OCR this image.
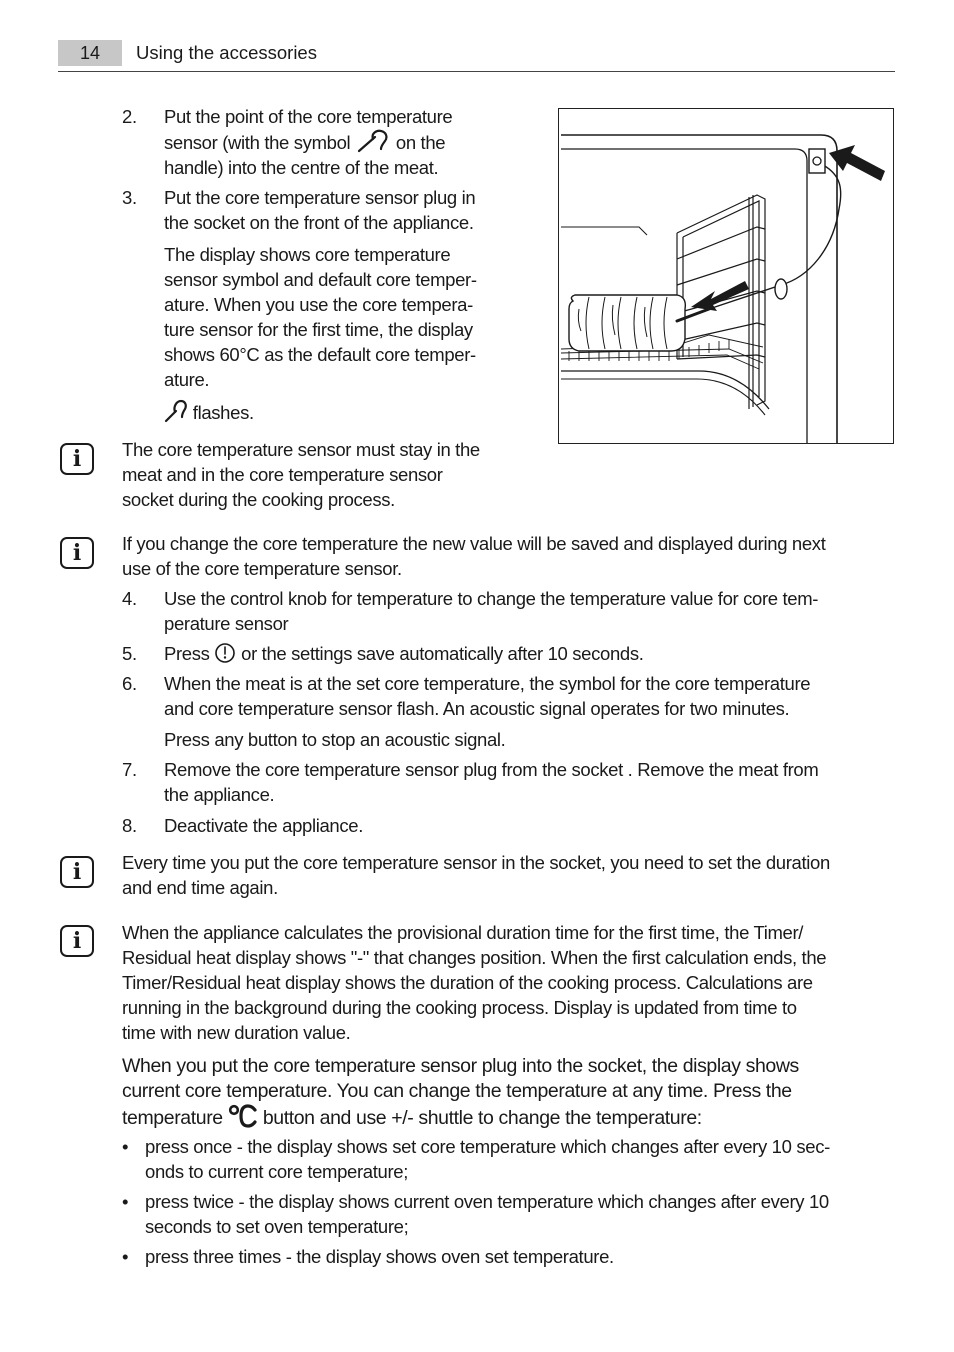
14	Using the accessories
2.	Put the point of the core temperature
sensor (with the symbol on the
handle) into the centre of the meat.
3.	Put the core temperature sensor plug in
the socket on the front of the appliance.
The display shows core temperature
sensor symbol and default core temper-
ature. When you use the core tempera-
ture sensor for the first time, the display
shows 60°C as the default core temper-
ature.
flashes.
i	The core temperature sensor must stay in the
meat and in the core temperature sensor
socket during the cooking process.
i	If you change the core temperature the new value will be saved and displayed during next
use of the core temperature sensor.
4.	Use the control knob for temperature to change the temperature value for core tem-
perature sensor
5.	Press or the settings save automatically after 10 seconds.
6.	When the meat is at the set core temperature, the symbol for the core temperature
and core temperature sensor flash. An acoustic signal operates for two minutes.
Press any button to stop an acoustic signal.
7.	Remove the core temperature sensor plug from the socket . Remove the meat from
the appliance.
8.	Deactivate the appliance.
i	Every time you put the core temperature sensor in the socket, you need to set the duration
and end time again.
i	When the appliance calculates the provisional duration time for the first time, the Timer/
Residual heat display shows "-" that changes position. When the first calculation ends, the
Timer/Residual heat display shows the duration of the cooking process. Calculations are
running in the background during the cooking process. Display is updated from time to
time with new duration value.
When you put the core temperature sensor plug into the socket, the display shows
current core temperature. You can change the temperature at any time. Press the
temperature button and use +/- shuttle to change the temperature:
• press once - the display shows set core temperature which changes after every 10 sec-
onds to current core temperature;
• press twice - the display shows current oven temperature which changes after every 10
seconds to set oven temperature;
• press three times - the display shows oven set temperature.
